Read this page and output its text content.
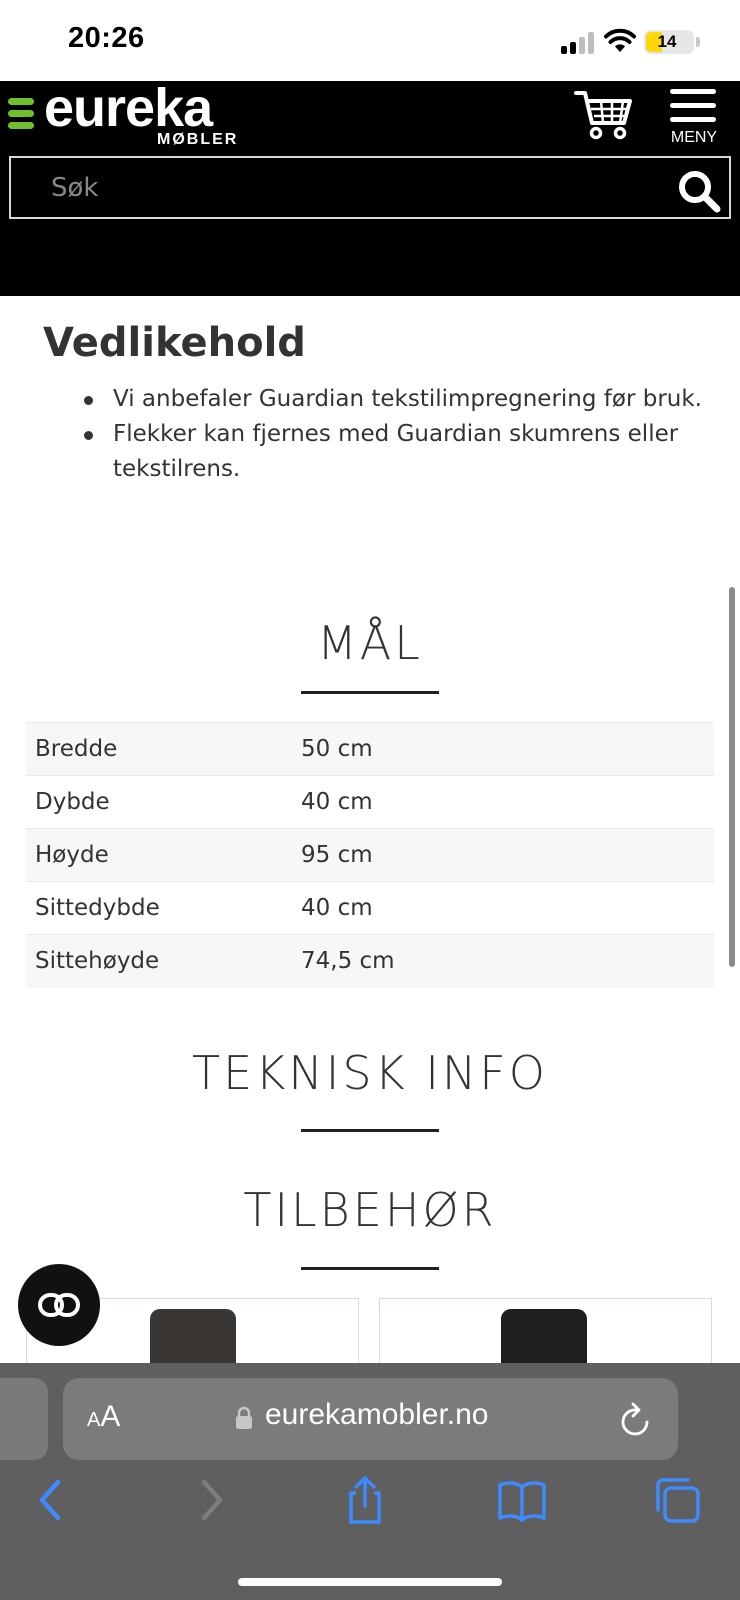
20:26	14
eureka
MØBLER	MENY
Søk
Vedlikehold
Vi anbefaler Guardian tekstilimpregnering før bruk.
Flekker kan fjernes med Guardian skumrens eller tekstilrens.
MÅL
Bredde	50 cm
Dybde	40 cm
Høyde	95 cm
Sittedybde	40 cm
Sittehøyde	74,5 cm
TEKNISK INFO
TILBEHØR
AA	eurekamobler.no
